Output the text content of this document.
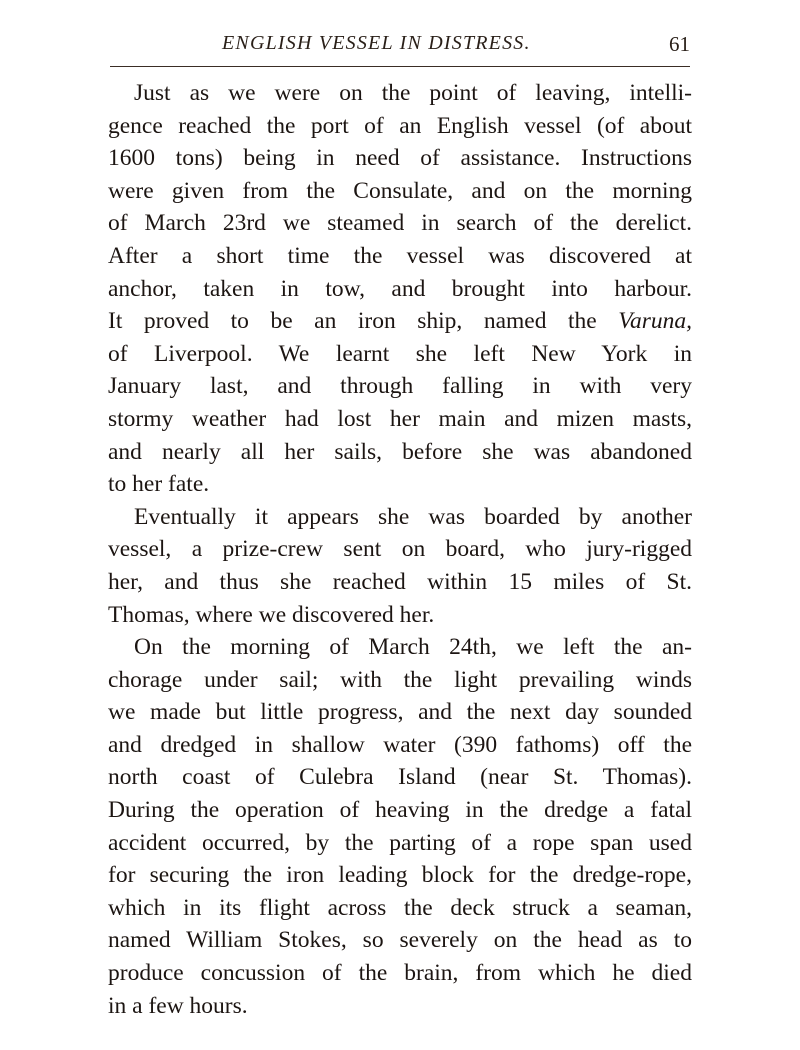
ENGLISH VESSEL IN DISTRESS.	61
Just as we were on the point of leaving, intelli-
gence reached the port of an English vessel (of about
1600 tons) being in need of assistance. Instructions
were given from the Consulate, and on the morning
of March 23rd we steamed in search of the derelict.
After a short time the vessel was discovered at
anchor, taken in tow, and brought into harbour.
It proved to be an iron ship, named the Varuna,
of Liverpool. We learnt she left New York in
January last, and through falling in with very
stormy weather had lost her main and mizen masts,
and nearly all her sails, before she was abandoned
to her fate.
Eventually it appears she was boarded by another
vessel, a prize-crew sent on board, who jury-rigged
her, and thus she reached within 15 miles of St.
Thomas, where we discovered her.
On the morning of March 24th, we left the an-
chorage under sail; with the light prevailing winds
we made but little progress, and the next day sounded
and dredged in shallow water (390 fathoms) off the
north coast of Culebra Island (near St. Thomas).
During the operation of heaving in the dredge a fatal
accident occurred, by the parting of a rope span used
for securing the iron leading block for the dredge-rope,
which in its flight across the deck struck a seaman,
named William Stokes, so severely on the head as to
produce concussion of the brain, from which he died
in a few hours.
